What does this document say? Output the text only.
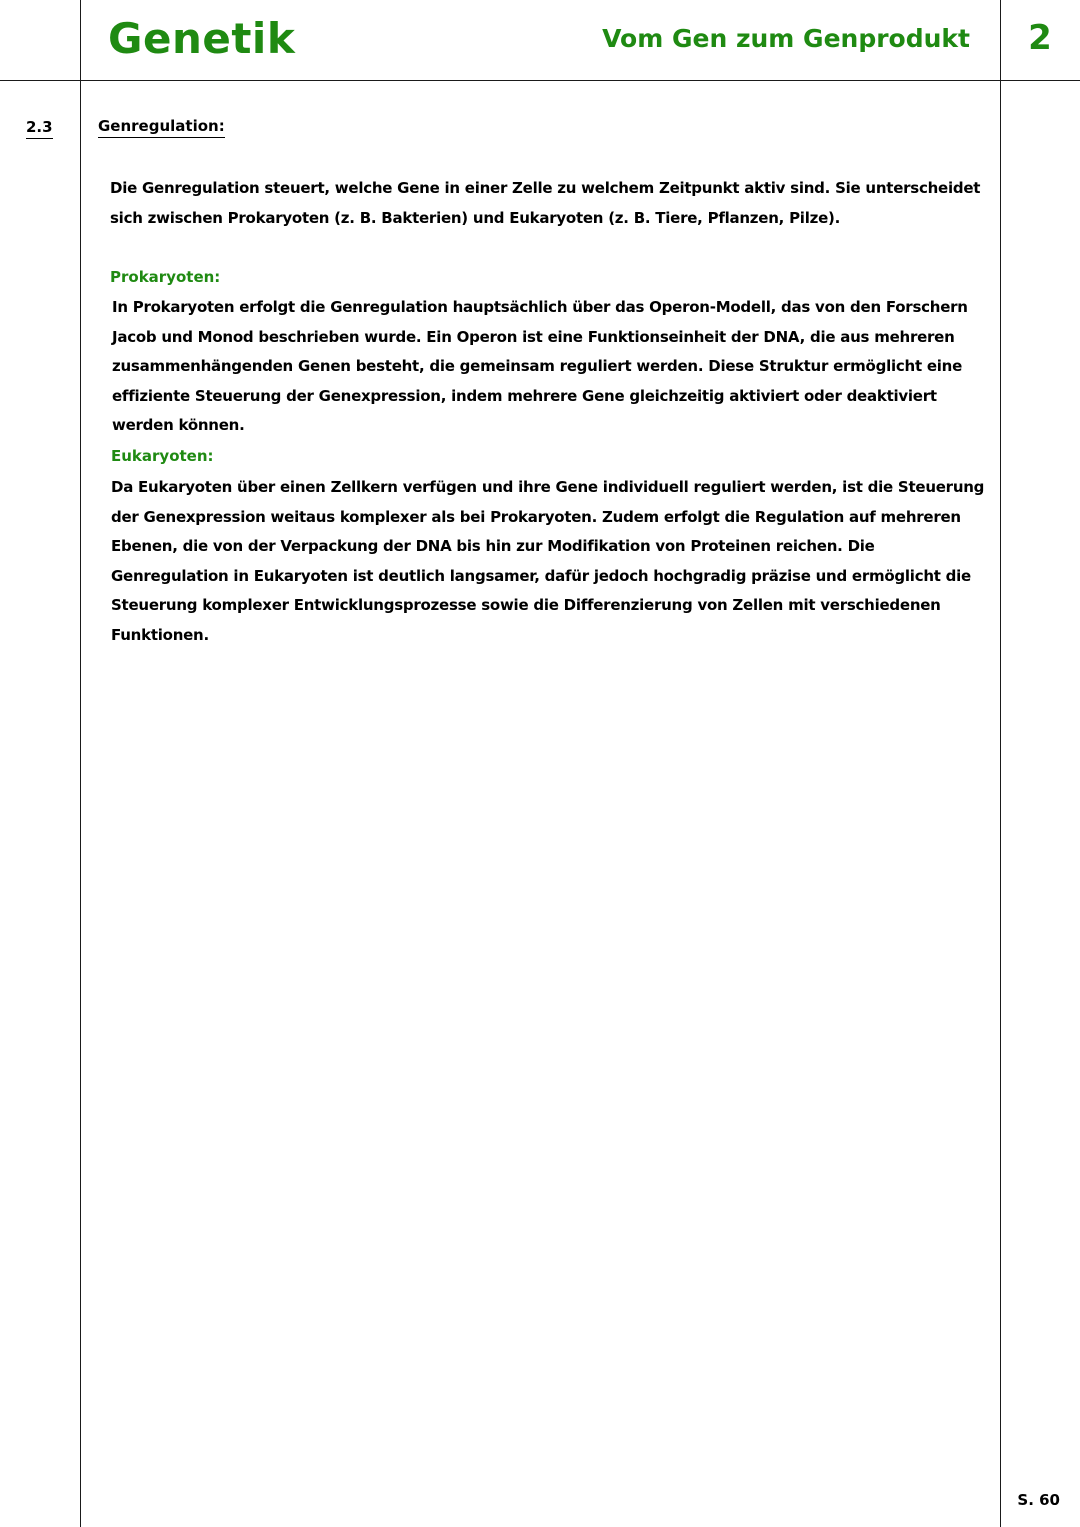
Genetik	Vom Gen zum Genprodukt	2
2.3	Genregulation:
Die Genregulation steuert, welche Gene in einer Zelle zu welchem Zeitpunkt aktiv sind. Sie unterscheidet sich zwischen Prokaryoten (z. B. Bakterien) und Eukaryoten (z. B. Tiere, Pflanzen, Pilze).
Prokaryoten:
In Prokaryoten erfolgt die Genregulation hauptsächlich über das Operon-Modell, das von den Forschern Jacob und Monod beschrieben wurde. Ein Operon ist eine Funktionseinheit der DNA, die aus mehreren zusammenhängenden Genen besteht, die gemeinsam reguliert werden. Diese Struktur ermöglicht eine effiziente Steuerung der Genexpression, indem mehrere Gene gleichzeitig aktiviert oder deaktiviert werden können.
Eukaryoten:
Da Eukaryoten über einen Zellkern verfügen und ihre Gene individuell reguliert werden, ist die Steuerung der Genexpression weitaus komplexer als bei Prokaryoten. Zudem erfolgt die Regulation auf mehreren Ebenen, die von der Verpackung der DNA bis hin zur Modifikation von Proteinen reichen. Die Genregulation in Eukaryoten ist deutlich langsamer, dafür jedoch hochgradig präzise und ermöglicht die Steuerung komplexer Entwicklungsprozesse sowie die Differenzierung von Zellen mit verschiedenen Funktionen.
S. 60
